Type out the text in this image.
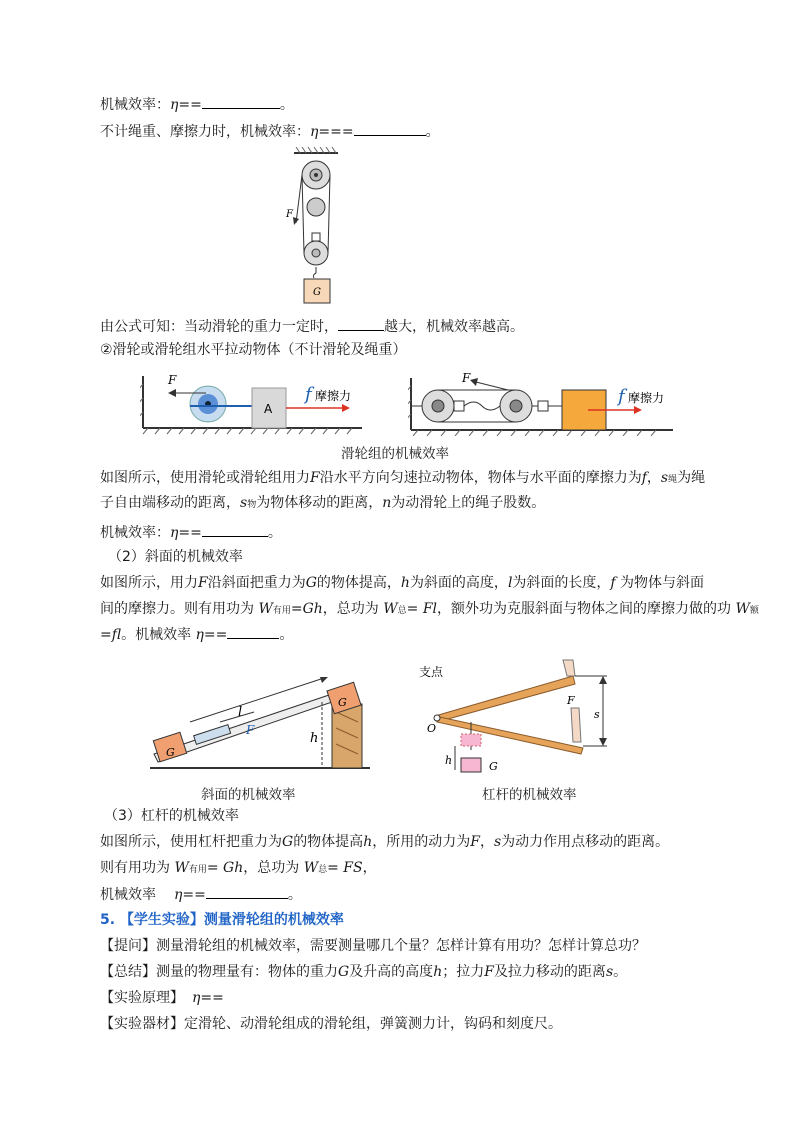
机械效率：η==	。
不计绳重、摩擦力时，机械效率：η===	。
F
G
由公式可知：当动滑轮的重力一定时，	越大，机械效率越高。
②滑轮或滑轮组水平拉动物体（不计滑轮及绳重）
F
A
f 摩擦力
F
f 摩擦力
滑轮组的机械效率
如图所示，使用滑轮或滑轮组用力F沿水平方向匀速拉动物体，物体与水平面的摩擦力为f，s绳为绳
子自由端移动的距离，s物为物体移动的距离，n为动滑轮上的绳子股数。
机械效率：η==	。
（2）斜面的机械效率
如图所示，用力F沿斜面把重力为G的物体提高，h为斜面的高度，l为斜面的长度，f 为物体与斜面
间的摩擦力。则有用功为 W有用=Gh，总功为 W总= Fl，额外功为克服斜面与物体之间的摩擦力做的功 W额
=fl。机械效率 η==	。
G
G
l
F
h
支点
O
s
F
h	G
斜面的机械效率	杠杆的机械效率
（3）杠杆的机械效率
如图所示，使用杠杆把重力为G的物体提高h，所用的动力为F，s为动力作用点移动的距离。
则有用功为 W有用= Gh，总功为 W总= FS，
机械效率 η==	。
5. 【学生实验】测量滑轮组的机械效率
【提问】测量滑轮组的机械效率，需要测量哪几个量？怎样计算有用功？怎样计算总功？
【总结】测量的物理量有：物体的重力G及升高的高度h；拉力F及拉力移动的距离s。
【实验原理】 η==
【实验器材】定滑轮、动滑轮组成的滑轮组，弹簧测力计，钩码和刻度尺。
